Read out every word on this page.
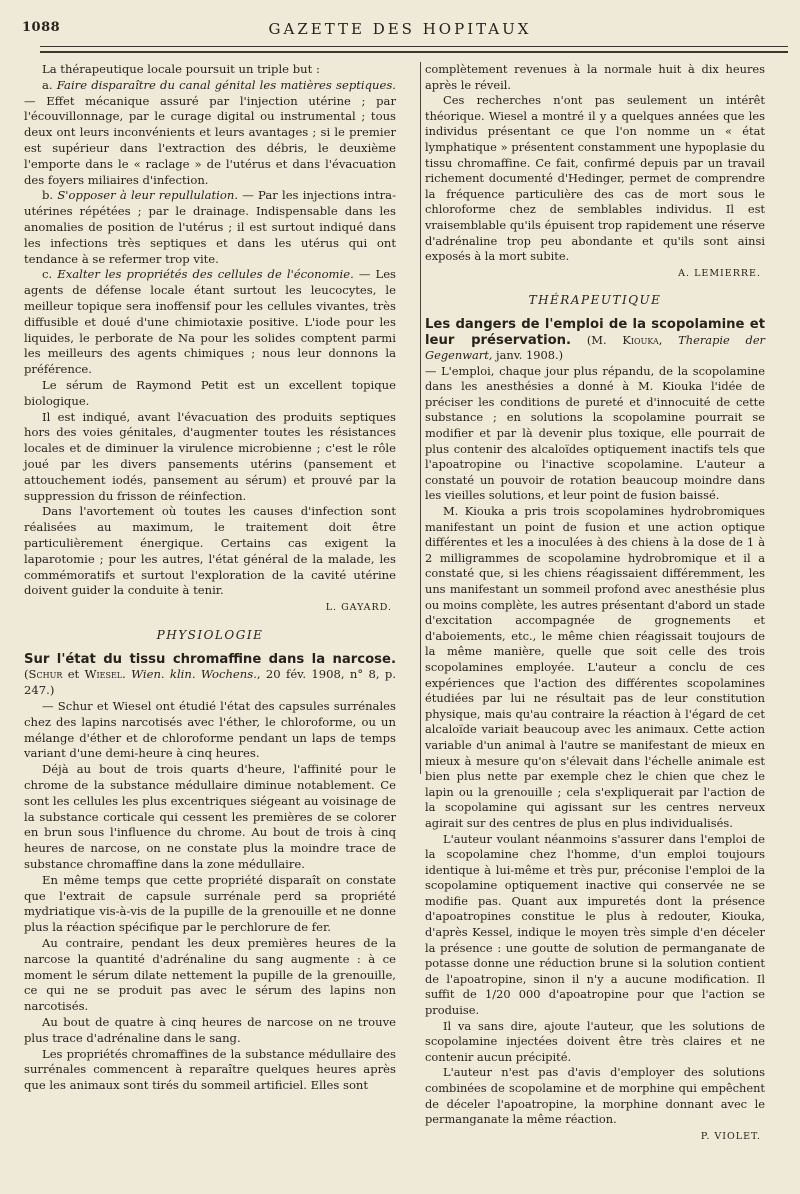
1088	GAZETTE DES HOPITAUX

La thérapeutique locale poursuit un triple but :

a. Faire disparaître du canal génital les matières septiques. — Effet mécanique assuré par l'injection utérine ; par l'écouvillonnage, par le curage digital ou instrumental ; tous deux ont leurs inconvénients et leurs avantages ; si le premier est supérieur dans l'extraction des débris, le deuxième l'emporte dans le « raclage » de l'utérus et dans l'évacuation des foyers miliaires d'infection.

b. S'opposer à leur repullulation. — Par les injections intra-utérines répétées ; par le drainage. Indispensable dans les anomalies de position de l'utérus ; il est surtout indiqué dans les infections très septiques et dans les utérus qui ont tendance à se refermer trop vite.

c. Exalter les propriétés des cellules de l'économie. — Les agents de défense locale étant surtout les leucocytes, le meilleur topique sera inoffensif pour les cellules vivantes, très diffusible et doué d'une chimiotaxie positive. L'iode pour les liquides, le perborate de Na pour les solides comptent parmi les meilleurs des agents chimiques ; nous leur donnons la préférence.

Le sérum de Raymond Petit est un excellent topique biologique.

Il est indiqué, avant l'évacuation des produits septiques hors des voies génitales, d'augmenter toutes les résistances locales et de diminuer la virulence microbienne ; c'est le rôle joué par les divers pansements utérins (pansement et attouchement iodés, pansement au sérum) et prouvé par la suppression du frisson de réinfection.

Dans l'avortement où toutes les causes d'infection sont réalisées au maximum, le traitement doit être particulièrement énergique. Certains cas exigent la laparotomie ; pour les autres, l'état général de la malade, les commémoratifs et surtout l'exploration de la cavité utérine doivent guider la conduite à tenir.

L. GAYARD.
PHYSIOLOGIE

Sur l'état du tissu chromaffine dans la narcose. (Schur et Wiesel. Wien. klin. Wochens., 20 fév. 1908, n° 8, p. 247.)

— Schur et Wiesel ont étudié l'état des capsules surrénales chez des lapins narcotisés avec l'éther, le chloroforme, ou un mélange d'éther et de chloroforme pendant un laps de temps variant d'une demi-heure à cinq heures.

Déjà au bout de trois quarts d'heure, l'affinité pour le chrome de la substance médullaire diminue notablement. Ce sont les cellules les plus excentriques siégeant au voisinage de la substance corticale qui cessent les premières de se colorer en brun sous l'influence du chrome. Au bout de trois à cinq heures de narcose, on ne constate plus la moindre trace de substance chromaffine dans la zone médullaire.

En même temps que cette propriété disparaît on constate que l'extrait de capsule surrénale perd sa propriété mydriatique vis-à-vis de la pupille de la grenouille et ne donne plus la réaction spécifique par le perchlorure de fer.

Au contraire, pendant les deux premières heures de la narcose la quantité d'adrénaline du sang augmente : à ce moment le sérum dilate nettement la pupille de la grenouille, ce qui ne se produit pas avec le sérum des lapins non narcotisés.

Au bout de quatre à cinq heures de narcose on ne trouve plus trace d'adrénaline dans le sang.

Les propriétés chromaffines de la substance médullaire des surrénales commencent à reparaître quelques heures après que les animaux sont tirés du sommeil artificiel. Elles sont

complètement revenues à la normale huit à dix heures après le réveil.

Ces recherches n'ont pas seulement un intérêt théorique. Wiesel a montré il y a quelques années que les individus présentant ce que l'on nomme un « état lymphatique » présentent constamment une hypoplasie du tissu chromaffine. Ce fait, confirmé depuis par un travail richement documenté d'Hedinger, permet de comprendre la fréquence particulière des cas de mort sous le chloroforme chez de semblables individus. Il est vraisemblable qu'ils épuisent trop rapidement une réserve d'adrénaline trop peu abondante et qu'ils sont ainsi exposés à la mort subite.

A. LEMIERRE.
THÉRAPEUTIQUE

Les dangers de l'emploi de la scopolamine et leur préservation. (M. Kiouka, Therapie der Gegenwart, janv. 1908.)

— L'emploi, chaque jour plus répandu, de la scopolamine dans les anesthésies a donné à M. Kiouka l'idée de préciser les conditions de pureté et d'innocuité de cette substance ; en solutions la scopolamine pourrait se modifier et par là devenir plus toxique, elle pourrait de plus contenir des alcaloïdes optiquement inactifs tels que l'apoatropine ou l'inactive scopolamine. L'auteur a constaté un pouvoir de rotation beaucoup moindre dans les vieilles solutions, et leur point de fusion baissé.

M. Kiouka a pris trois scopolamines hydrobromiques manifestant un point de fusion et une action optique différentes et les a inoculées à des chiens à la dose de 1 à 2 milligrammes de scopolamine hydrobromique et il a constaté que, si les chiens réagissaient différemment, les uns manifestant un sommeil profond avec anesthésie plus ou moins complète, les autres présentant d'abord un stade d'excitation accompagnée de grognements et d'aboiements, etc., le même chien réagissait toujours de la même manière, quelle que soit celle des trois scopolamines employée. L'auteur a conclu de ces expériences que l'action des différentes scopolamines étudiées par lui ne résultait pas de leur constitution physique, mais qu'au contraire la réaction à l'égard de cet alcaloïde variait beaucoup avec les animaux. Cette action variable d'un animal à l'autre se manifestant de mieux en mieux à mesure qu'on s'élevait dans l'échelle animale est bien plus nette par exemple chez le chien que chez le lapin ou la grenouille ; cela s'expliquerait par l'action de la scopolamine qui agissant sur les centres nerveux agirait sur des centres de plus en plus individualisés.

L'auteur voulant néanmoins s'assurer dans l'emploi de la scopolamine chez l'homme, d'un emploi toujours identique à lui-même et très pur, préconise l'emploi de la scopolamine optiquement inactive qui conservée ne se modifie pas. Quant aux impuretés dont la présence d'apoatropines constitue le plus à redouter, Kiouka, d'après Kessel, indique le moyen très simple d'en déceler la présence : une goutte de solution de permanganate de potasse donne une réduction brune si la solution contient de l'apoatropine, sinon il n'y a aucune modification. Il suffit de 1/20 000 d'apoatropine pour que l'action se produise.

Il va sans dire, ajoute l'auteur, que les solutions de scopolamine injectées doivent être très claires et ne contenir aucun précipité.

L'auteur n'est pas d'avis d'employer des solutions combinées de scopolamine et de morphine qui empêchent de déceler l'apoatropine, la morphine donnant avec le permanganate la même réaction.

P. VIOLET.
